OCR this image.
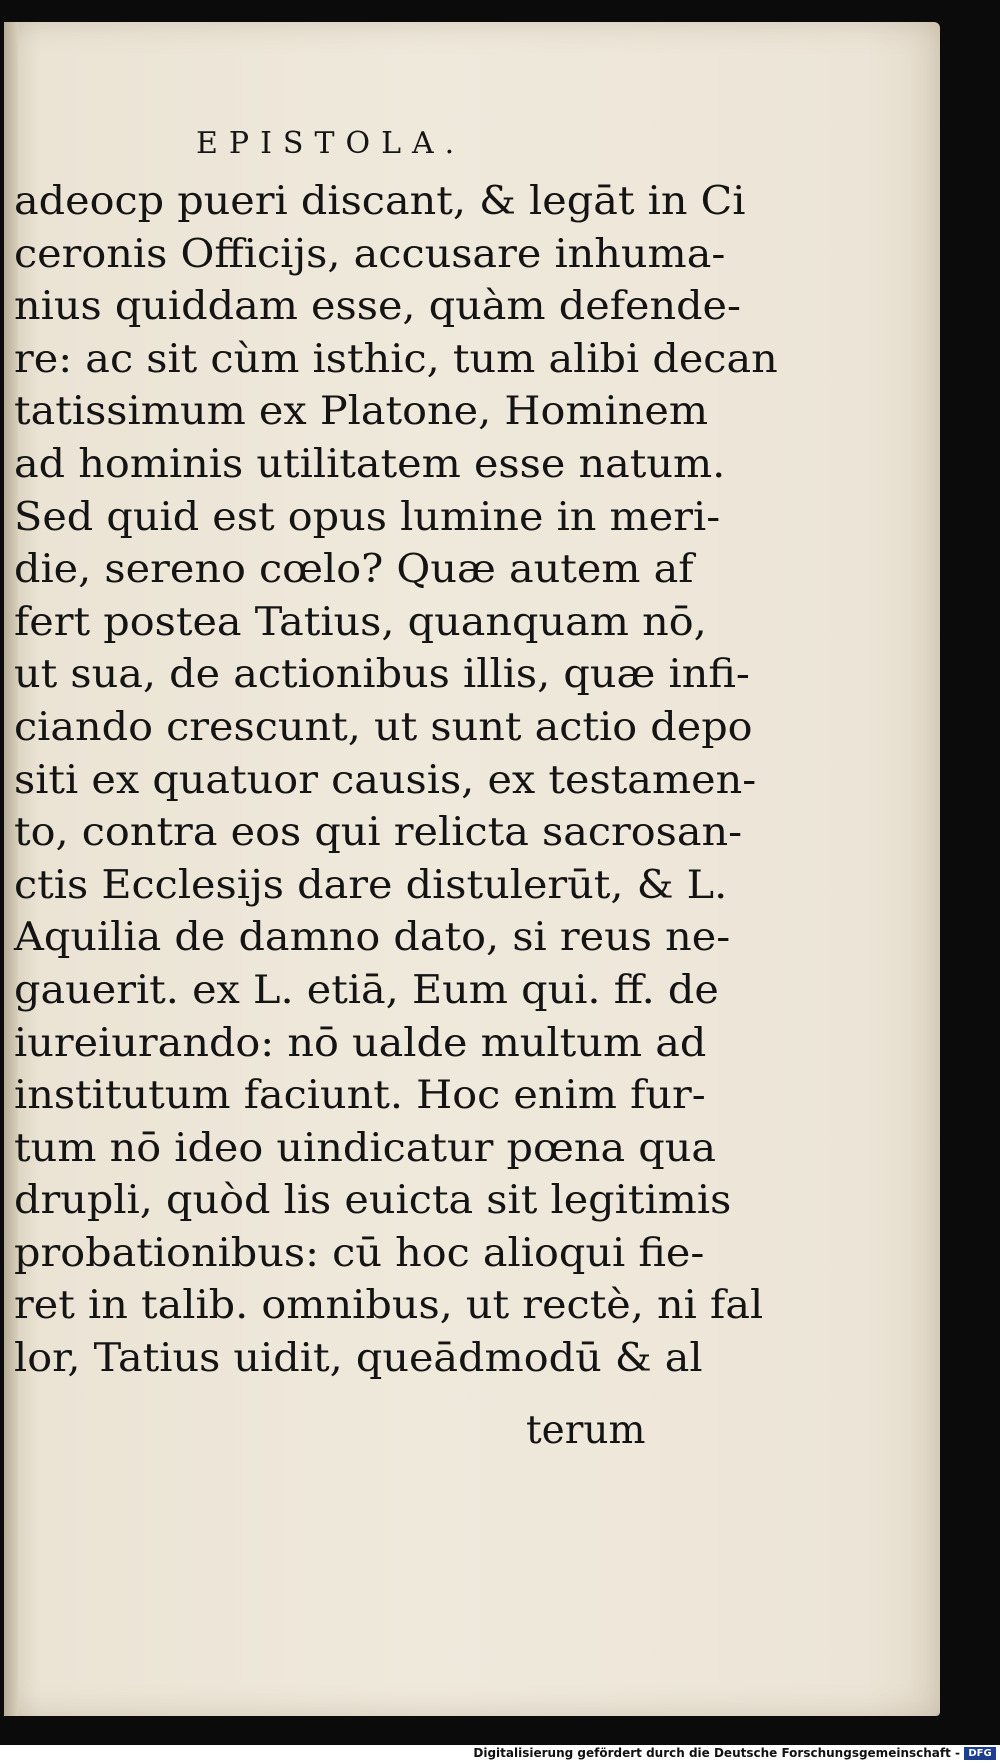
EPISTOLA.
adeocp pueri discant, & legāt in Ci
ceronis Officijs, accusare inhuma-
nius quiddam esse, quàm defende-
re: ac sit cùm isthic, tum alibi decan
tatissimum ex Platone, Hominem
ad hominis utilitatem esse natum.
Sed quid est opus lumine in meri-
die, sereno cœlo? Quæ autem af
fert postea Tatius, quanquam nō,
ut sua, de actionibus illis, quæ infi-
ciando crescunt, ut sunt actio depo
siti ex quatuor causis, ex testamen-
to, contra eos qui relicta sacrosan-
ctis Ecclesijs dare distulerūt, & L.
Aquilia de damno dato, si reus ne-
gauerit. ex L. etiā, Eum qui. ff. de
iureiurando: nō ualde multum ad
institutum faciunt. Hoc enim fur-
tum nō ideo uindicatur pœna qua
drupli, quòd lis euicta sit legitimis
probationibus: cū hoc alioqui fie-
ret in talib. omnibus, ut rectè, ni fal
lor, Tatius uidit, queādmodū & al
terum
Digitalisierung gefördert durch die Deutsche Forschungsgemeinschaft - DFG
